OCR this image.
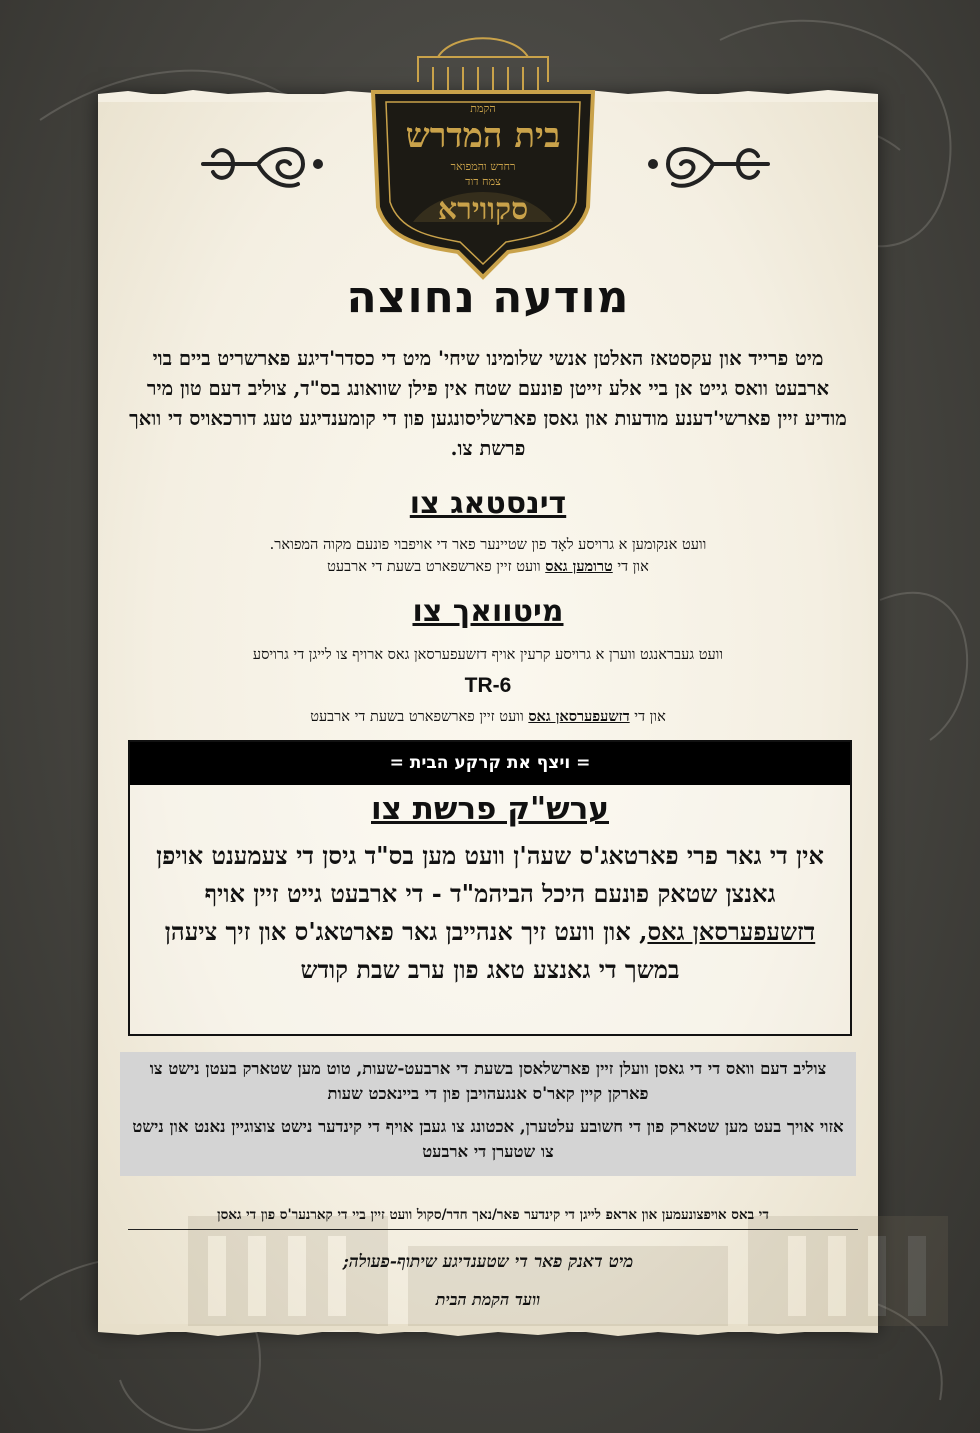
הקמת
בית המדרש
רחדש והמפואר
צמח דוד
סקווירא
מודעה נחוצה
מיט פרייד און עקסטאז האלטן אנשי שלומינו שיחי' מיט די כסדר'דיגע פארשריט ביים בוי ארבעט וואס גייט אן ביי אלע זייטן פונעם שטח אין פילן שוואונג בס"ד, צוליב דעם טון מיר מודיע זיין פארשי'דענע מודעות און גאסן פארשליסונגען פון די קומענדיגע טעג דורכאויס די וואך פרשת צו.
דינסטאג צו
וועט אנקומען א גרויסע לאָד פון שטיינער פאר די אויפבוי פונעם מקוה המפואר.
און די טרומען גאס וועט זיין פארשפארט בשעת די ארבעט
מיטוואך צו
וועט געבראנגט ווערן א גרויסע קרעין אויף דזשעפערסאן גאס ארויף צו לייגן די גרויסע
TR-6
און די דזשעפערסאן גאס וועט זיין פארשפארט בשעת די ארבעט
= ויצף את קרקע הבית =
ערש"ק פרשת צו
אין די גאר פרי פארטאג'ס שעה'ן וועט מען בס"ד גיסן די צעמענט אויפן גאנצן שטאק פונעם היכל הביהמ"ד - די ארבעט גייט זיין אויף דזשעפערסאן גאס, און וועט זיך אנהייבן גאר פארטאג'ס און זיך ציעהן במשך די גאנצע טאג פון ערב שבת קודש

צוליב דעם וואס די די גאסן וועלן זיין פארשלאסן בשעת די ארבעט-שעות, טוט מען שטארק בעטן נישט צו פארקן קיין קאר'ס אנגעהויבן פון די ביינאכט שעות

אזוי אויך בעט מען שטארק פון די חשובע עלטערן, אכטונג צו געבן אויף די קינדער נישט צוצוגיין נאנט און נישט צו שטערן די ארבעט

די באס אויפצונעמען און אראפ לייגן די קינדער פאר/נאך חדר/סקול וועט זיין ביי די קארנער'ס פון די גאסן
מיט דאנק פאר די שטענדיגע שיתוף-פעולה;
וועד הקמת הבית
